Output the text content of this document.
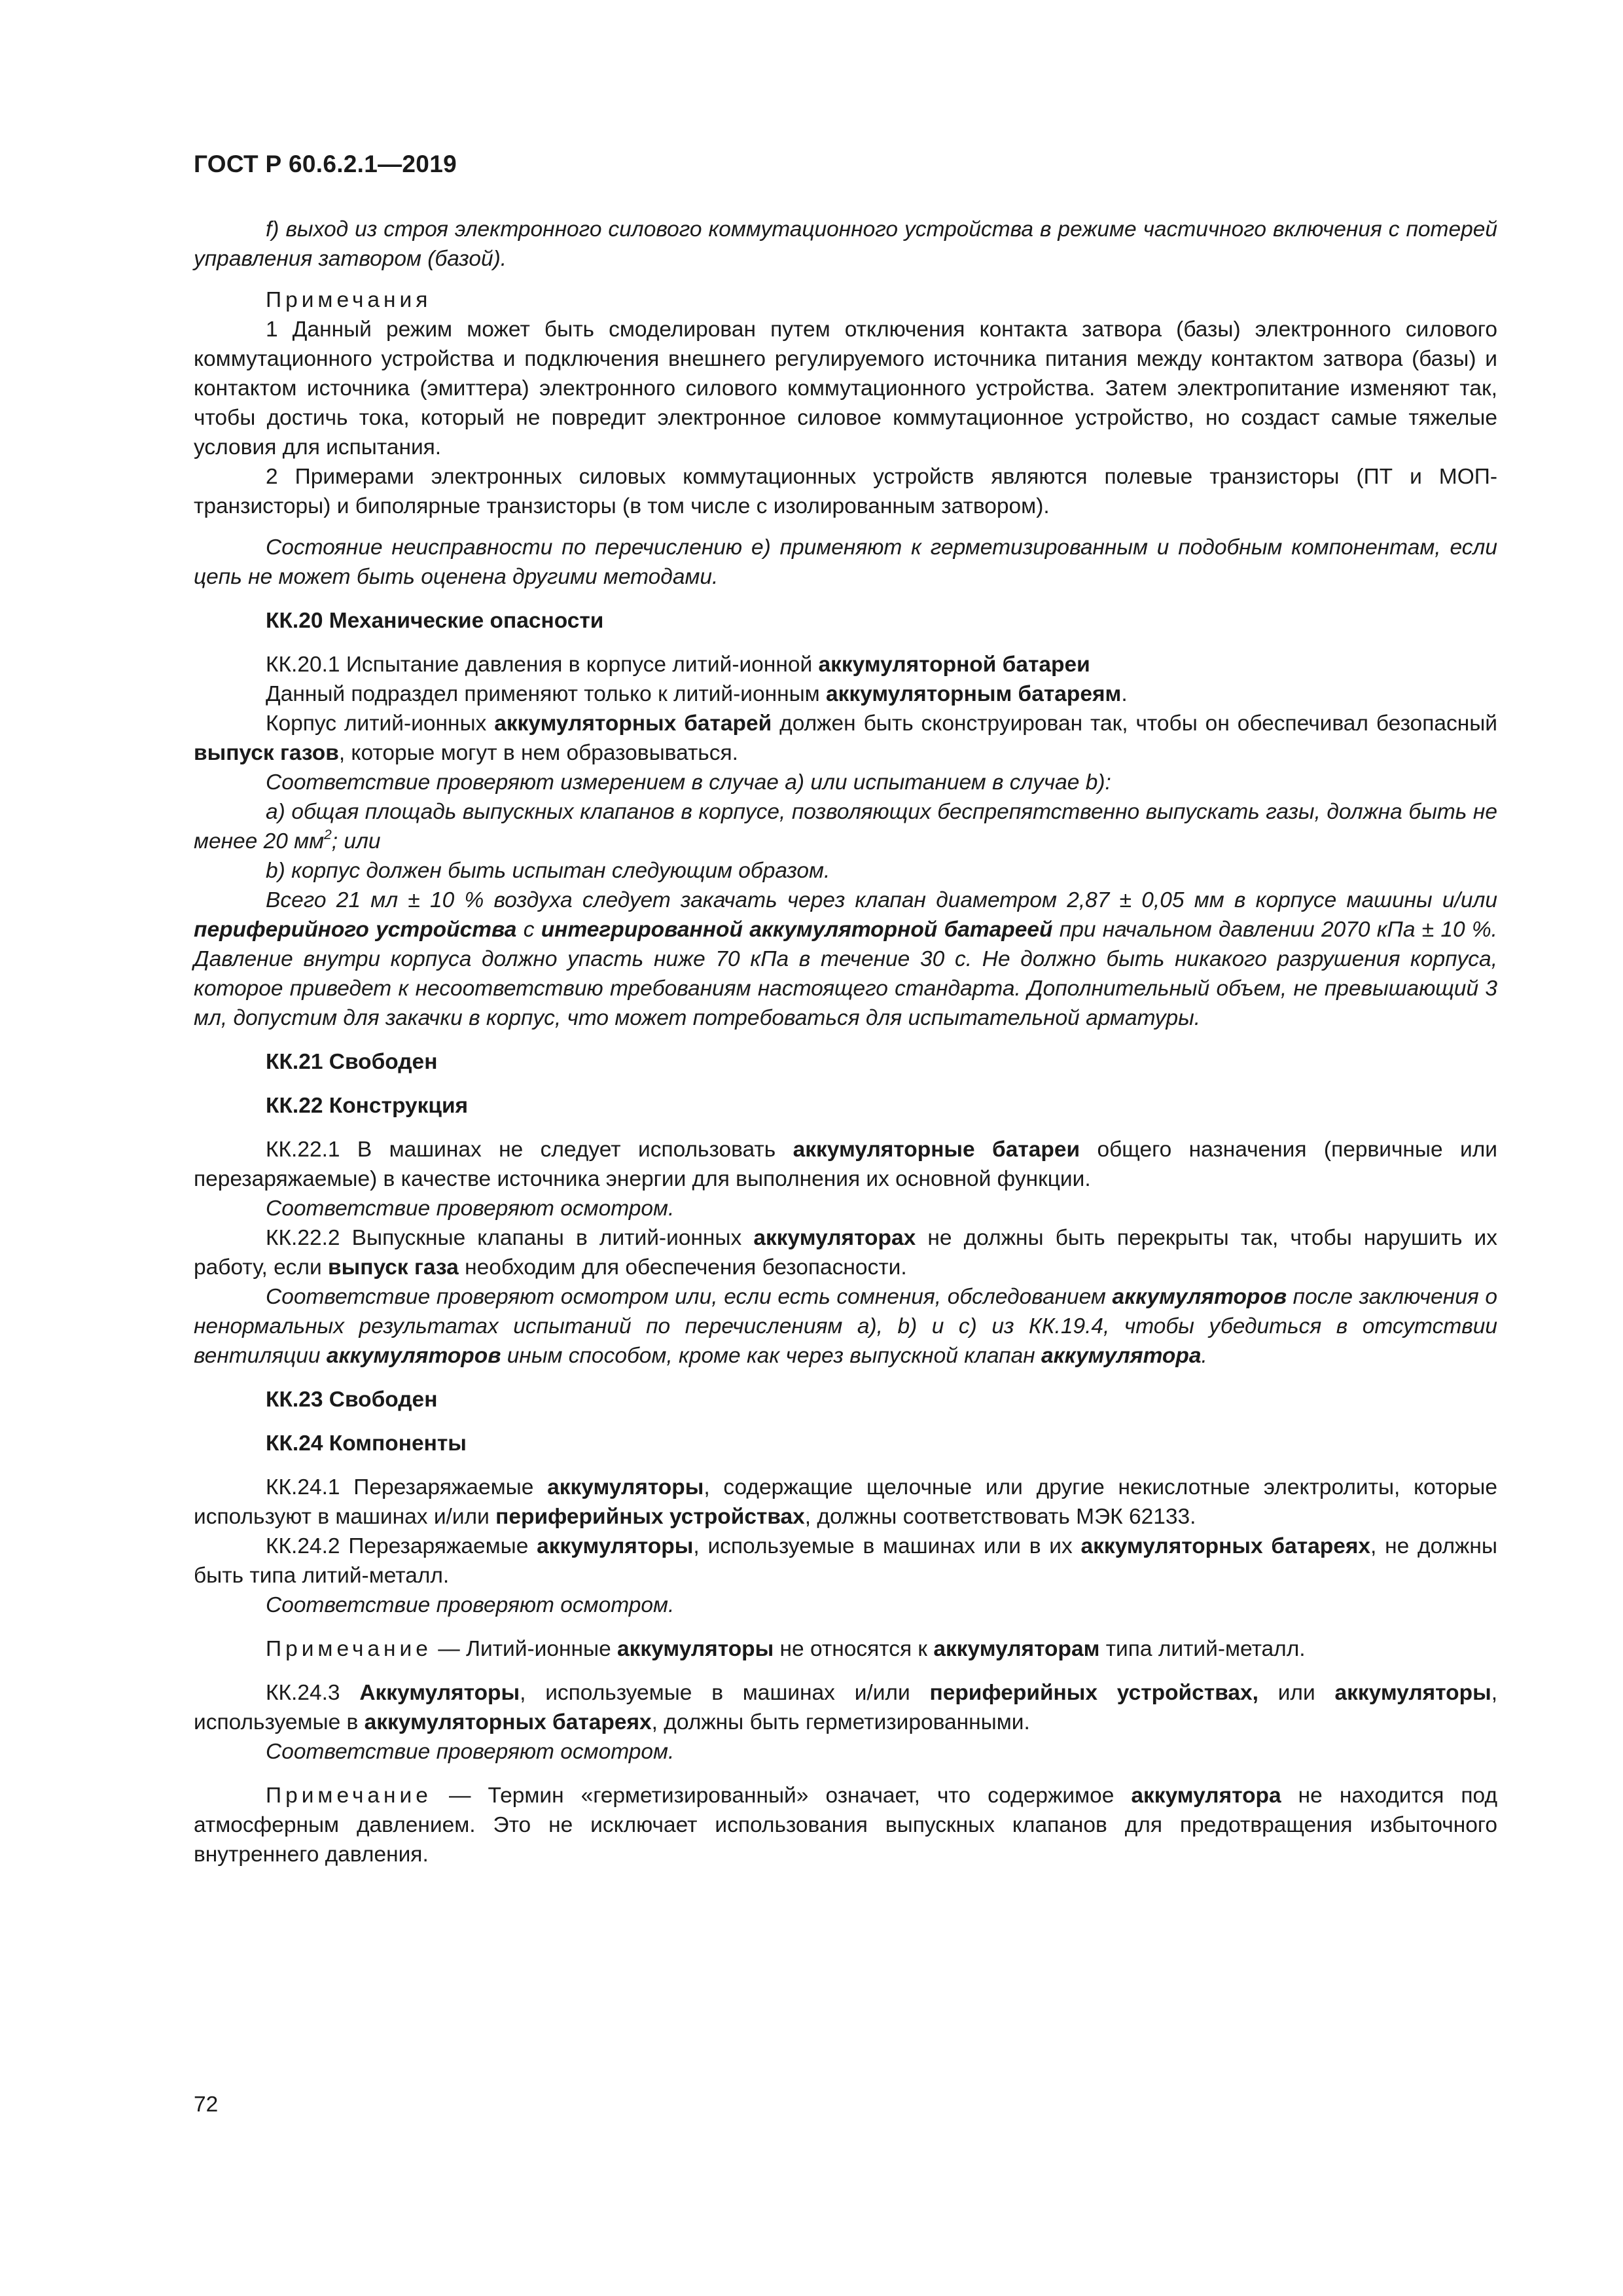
ГОСТ Р 60.6.2.1—2019

f) выход из строя электронного силового коммутационного устройства в режиме частичного включения с потерей управления затвором (базой).

Примечания

1 Данный режим может быть смоделирован путем отключения контакта затвора (базы) электронного силового коммутационного устройства и подключения внешнего регулируемого источника питания между контактом затвора (базы) и контактом источника (эмиттера) электронного силового коммутационного устройства. Затем электропитание изменяют так, чтобы достичь тока, который не повредит электронное силовое коммутационное устройство, но создаст самые тяжелые условия для испытания.

2 Примерами электронных силовых коммутационных устройств являются полевые транзисторы (ПТ и МОП-транзисторы) и биполярные транзисторы (в том числе с изолированным затвором).

Состояние неисправности по перечислению е) применяют к герметизированным и подобным компонентам, если цепь не может быть оценена другими методами.

КК.20 Механические опасности

КК.20.1 Испытание давления в корпусе литий-ионной аккумуляторной батареи

Данный подраздел применяют только к литий-ионным аккумуляторным батареям.

Корпус литий-ионных аккумуляторных батарей должен быть сконструирован так, чтобы он обеспечивал безопасный выпуск газов, которые могут в нем образовываться.

Соответствие проверяют измерением в случае а) или испытанием в случае b):

а) общая площадь выпускных клапанов в корпусе, позволяющих беспрепятственно выпускать газы, должна быть не менее 20 $мм^2$; или

b) корпус должен быть испытан следующим образом.

Всего 21 мл ± 10 % воздуха следует закачать через клапан диаметром 2,87 ± 0,05 мм в корпусе машины и/или периферийного устройства с интегрированной аккумуляторной батареей при начальном давлении 2070 кПа ± 10 %. Давление внутри корпуса должно упасть ниже 70 кПа в течение 30 с. Не должно быть никакого разрушения корпуса, которое приведет к несоответствию требованиям настоящего стандарта. Дополнительный объем, не превышающий 3 мл, допустим для закачки в корпус, что может потребоваться для испытательной арматуры.

КК.21 Свободен

КК.22 Конструкция

КК.22.1 В машинах не следует использовать аккумуляторные батареи общего назначения (первичные или перезаряжаемые) в качестве источника энергии для выполнения их основной функции.

Соответствие проверяют осмотром.

КК.22.2 Выпускные клапаны в литий-ионных аккумуляторах не должны быть перекрыты так, чтобы нарушить их работу, если выпуск газа необходим для обеспечения безопасности.

Соответствие проверяют осмотром или, если есть сомнения, обследованием аккумуляторов после заключения о ненормальных результатах испытаний по перечислениям а), b) и с) из КК.19.4, чтобы убедиться в отсутствии вентиляции аккумуляторов иным способом, кроме как через выпускной клапан аккумулятора.

КК.23 Свободен

КК.24 Компоненты

КК.24.1 Перезаряжаемые аккумуляторы, содержащие щелочные или другие некислотные электролиты, которые используют в машинах и/или периферийных устройствах, должны соответствовать МЭК 62133.

КК.24.2 Перезаряжаемые аккумуляторы, используемые в машинах или в их аккумуляторных батареях, не должны быть типа литий-металл.

Соответствие проверяют осмотром.

Примечание — Литий-ионные аккумуляторы не относятся к аккумуляторам типа литий-металл.

КК.24.3 Аккумуляторы, используемые в машинах и/или периферийных устройствах, или аккумуляторы, используемые в аккумуляторных батареях, должны быть герметизированными.

Соответствие проверяют осмотром.

Примечание — Термин «герметизированный» означает, что содержимое аккумулятора не находится под атмосферным давлением. Это не исключает использования выпускных клапанов для предотвращения избыточного внутреннего давления.

72
